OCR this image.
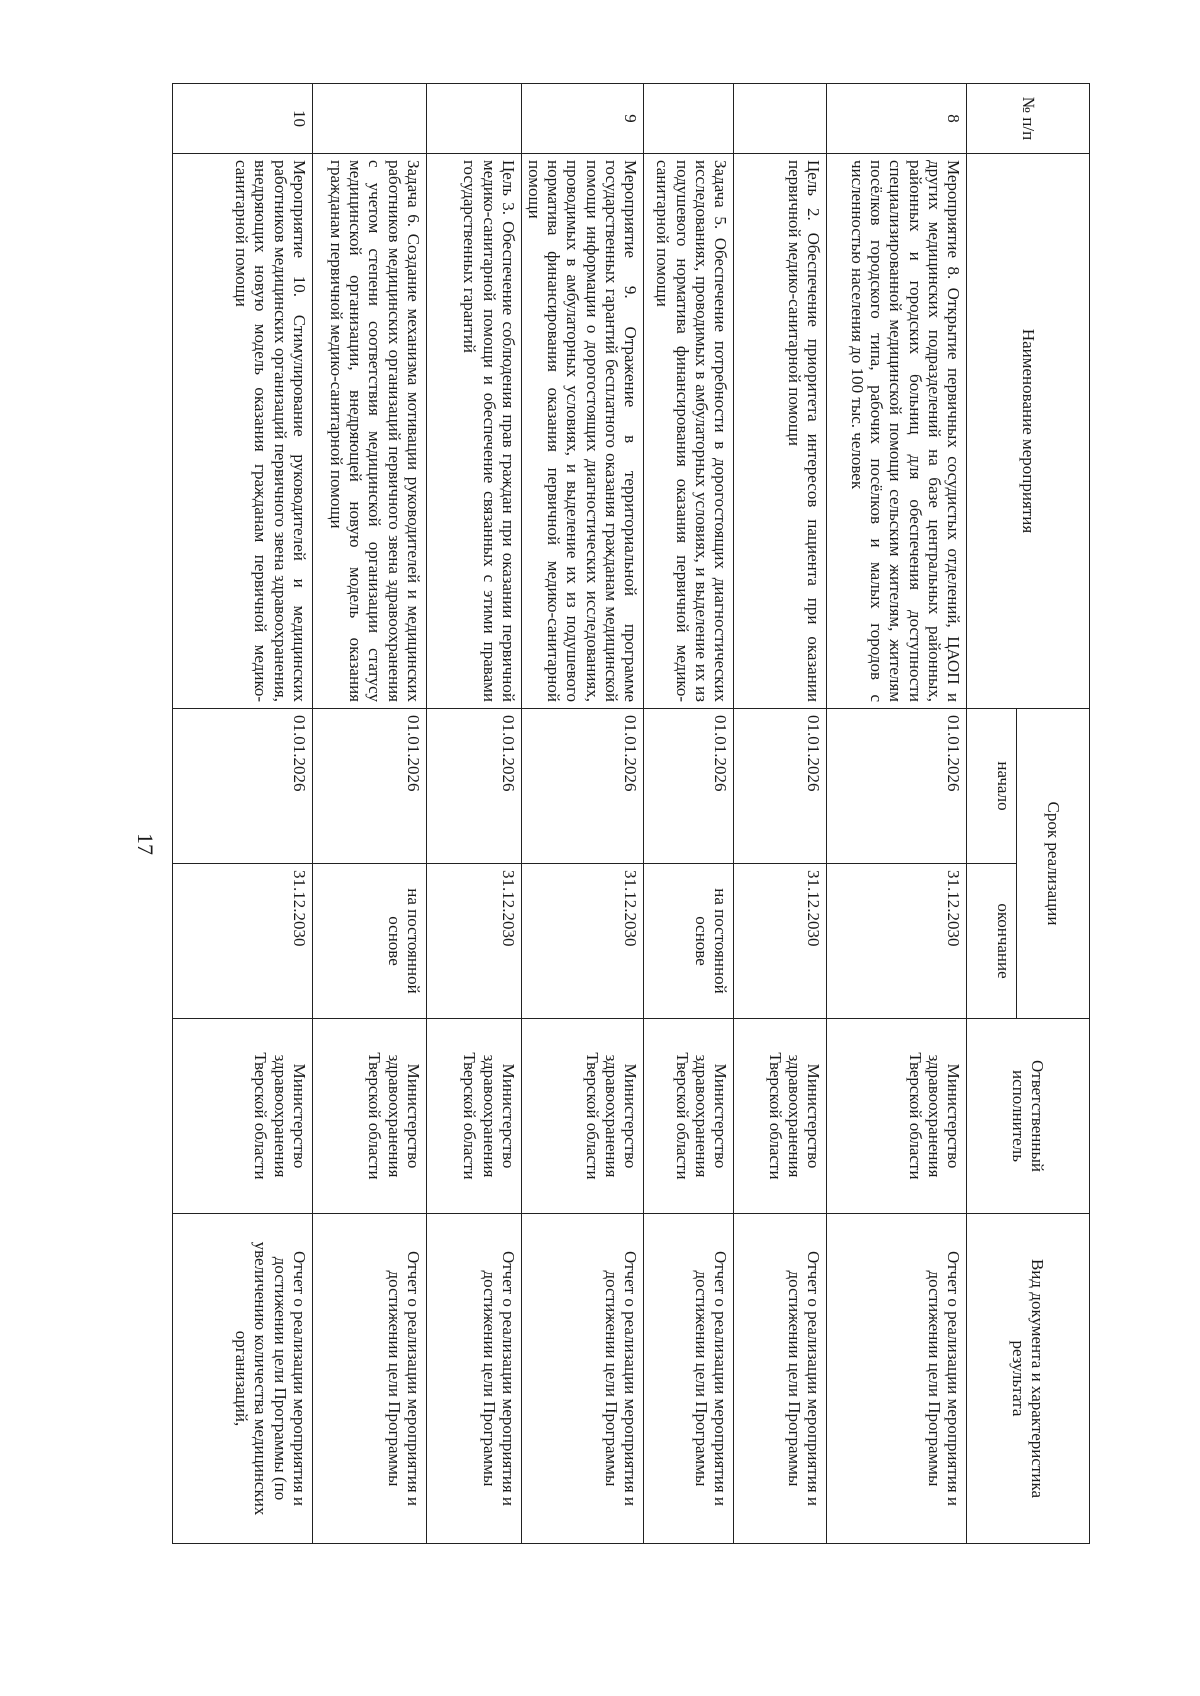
17
№ п/п	Наименование мероприятия	Срок реализации		Ответственный исполнитель	Вид документа и характеристика результата
		начало	окончание		
8	Мероприятие 8. Открытие первичных сосудистых отделений, ЦАОП и других медицинских подразделений на базе центральных районных, районных и городских больниц для обеспечения доступности специализированной медицинской помощи сельским жителям, жителям посёлков городского типа, рабочих посёлков и малых городов с численностью населения до 100 тыс. человек	01.01.2026	31.12.2030	Министерство здравоохранения Тверской области	Отчет о реализации мероприятия и достижении цели Программы
	Цель 2. Обеспечение приоритета интересов пациента при оказании первичной медико-санитарной помощи	01.01.2026	31.12.2030	Министерство здравоохранения Тверской области	Отчет о реализации мероприятия и достижении цели Программы
	Задача 5. Обеспечение потребности в дорогостоящих диагностических исследованиях, проводимых в амбулаторных условиях, и выделение их из подушевого норматива финансирования оказания первичной медико-санитарной помощи	01.01.2026	на постоянной основе	Министерство здравоохранения Тверской области	Отчет о реализации мероприятия и достижении цели Программы
9	Мероприятие 9. Отражение в территориальной программе государственных гарантий бесплатного оказания гражданам медицинской помощи информации о дорогостоящих диагностических исследованиях, проводимых в амбулаторных условиях, и выделение их из подушевого норматива финансирования оказания первичной медико-санитарной помощи	01.01.2026	31.12.2030	Министерство здравоохранения Тверской области	Отчет о реализации мероприятия и достижении цели Программы
	Цель 3. Обеспечение соблюдения прав граждан при оказании первичной медико-санитарной помощи и обеспечение связанных с этими правами государственных гарантий	01.01.2026	31.12.2030	Министерство здравоохранения Тверской области	Отчет о реализации мероприятия и достижении цели Программы
	Задача 6. Создание механизма мотивации руководителей и медицинских работников медицинских организаций первичного звена здравоохранения с учетом степени соответствия медицинской организации статусу медицинской организации, внедряющей новую модель оказания гражданам первичной медико-санитарной помощи	01.01.2026	на постоянной основе	Министерство здравоохранения Тверской области	Отчет о реализации мероприятия и достижении цели Программы
10	Мероприятие 10. Стимулирование руководителей и медицинских работников медицинских организаций первичного звена здравоохранения, внедряющих новую модель оказания гражданам первичной медико-санитарной помощи	01.01.2026	31.12.2030	Министерство здравоохранения Тверской области	Отчет о реализации мероприятия и достижении цели Программы (по увеличению количества медицинских организаций,
